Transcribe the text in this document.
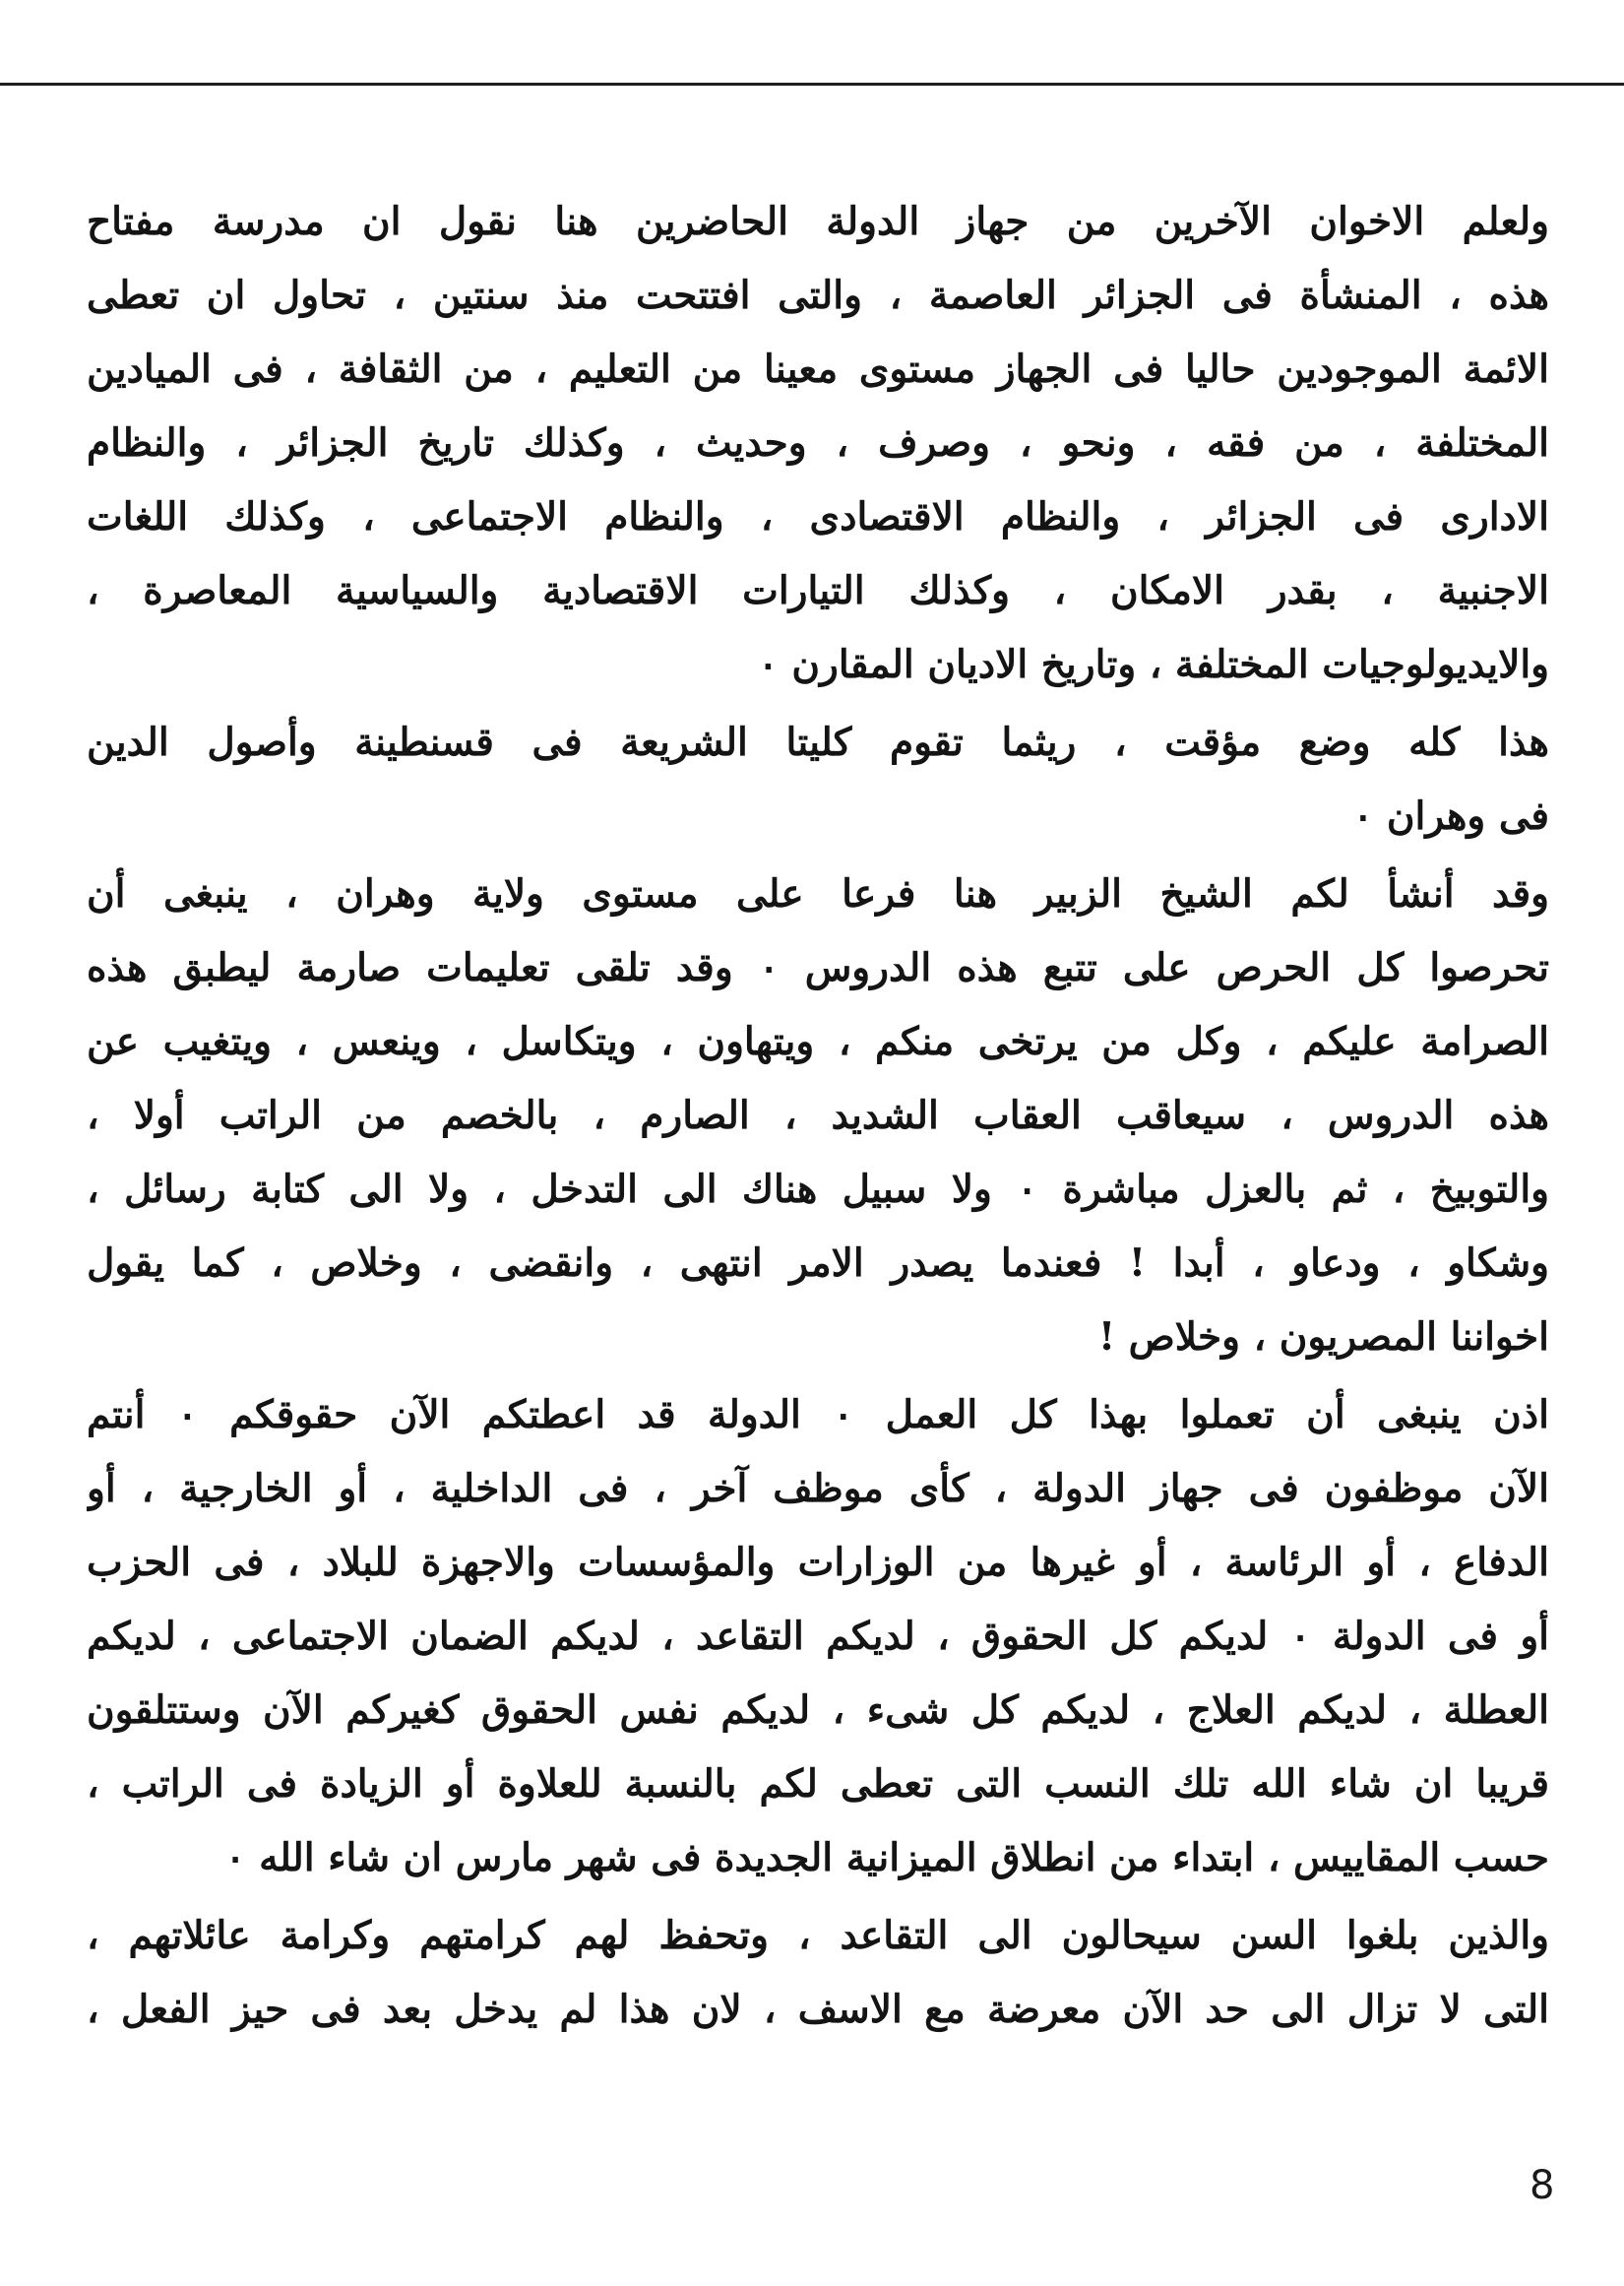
ولعلم الاخوان الآخرين من جهاز الدولة الحاضرين هنا نقول ان مدرسة مفتاح
هذه ، المنشأة فى الجزائر العاصمة ، والتى افتتحت منذ سنتين ، تحاول ان تعطى
الائمة الموجودين حاليا فى الجهاز مستوى معينا من التعليم ، من الثقافة ، فى الميادين
المختلفة ، من فقه ، ونحو ، وصرف ، وحديث ، وكذلك تاريخ الجزائر ، والنظام
الادارى فى الجزائر ، والنظام الاقتصادى ، والنظام الاجتماعى ، وكذلك اللغات
الاجنبية ، بقدر الامكان ، وكذلك التيارات الاقتصادية والسياسية المعاصرة ،
والايديولوجيات المختلفة ، وتاريخ الاديان المقارن ٠
هذا كله وضع مؤقت ، ريثما تقوم كليتا الشريعة فى قسنطينة وأصول الدين
فى وهران ٠
وقد أنشأ لكم الشيخ الزبير هنا فرعا على مستوى ولاية وهران ، ينبغى أن
تحرصوا كل الحرص على تتبع هذه الدروس ٠ وقد تلقى تعليمات صارمة ليطبق هذه
الصرامة عليكم ، وكل من يرتخى منكم ، ويتهاون ، ويتكاسل ، وينعس ، ويتغيب عن
هذه الدروس ، سيعاقب العقاب الشديد ، الصارم ، بالخصم من الراتب أولا ،
والتوبيخ ، ثم بالعزل مباشرة ٠ ولا سبيل هناك الى التدخل ، ولا الى كتابة رسائل ،
وشكاو ، ودعاو ، أبدا ! فعندما يصدر الامر انتهى ، وانقضى ، وخلاص ، كما يقول
اخواننا المصريون ، وخلاص !
اذن ينبغى أن تعملوا بهذا كل العمل ٠ الدولة قد اعطتكم الآن حقوقكم ٠ أنتم
الآن موظفون فى جهاز الدولة ، كأى موظف آخر ، فى الداخلية ، أو الخارجية ، أو
الدفاع ، أو الرئاسة ، أو غيرها من الوزارات والمؤسسات والاجهزة للبلاد ، فى الحزب
أو فى الدولة ٠ لديكم كل الحقوق ، لديكم التقاعد ، لديكم الضمان الاجتماعى ، لديكم
العطلة ، لديكم العلاج ، لديكم كل شىء ، لديكم نفس الحقوق كغيركم الآن وستتلقون
قريبا ان شاء الله تلك النسب التى تعطى لكم بالنسبة للعلاوة أو الزيادة فى الراتب ،
حسب المقاييس ، ابتداء من انطلاق الميزانية الجديدة فى شهر مارس ان شاء الله ٠
والذين بلغوا السن سيحالون الى التقاعد ، وتحفظ لهم كرامتهم وكرامة عائلاتهم ،
التى لا تزال الى حد الآن معرضة مع الاسف ، لان هذا لم يدخل بعد فى حيز الفعل ،
8
